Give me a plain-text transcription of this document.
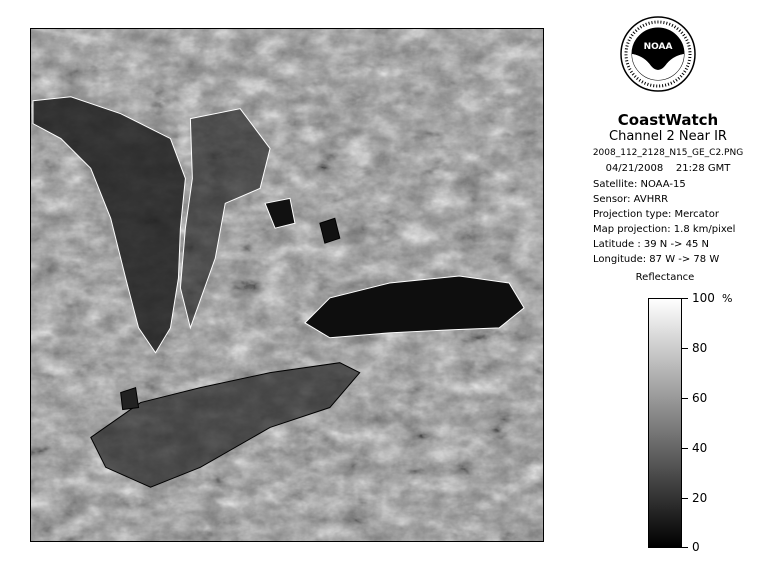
NOAA
CoastWatch
Channel 2 Near IR
2008_112_2128_N15_GE_C2.PNG
04/21/2008    21:28 GMT
Satellite: NOAA-15
Sensor: AVHRR
Projection type: Mercator
Map projection: 1.8 km/pixel
Latitude : 39 N -> 45 N
Longitude: 87 W -> 78 W
Reflectance
%
100
80
60
40
20
0
